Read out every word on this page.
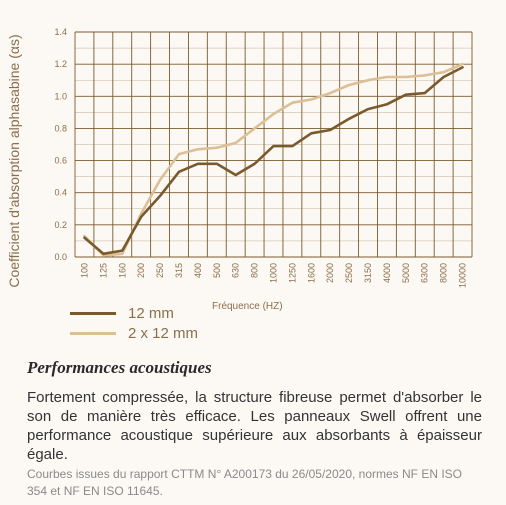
0.0
0.2
0.4
0.6
0.8
1.0
1.2
1.4
100 125 160 200 250 315 400 500 630 800 1000 1250 1600 2000 2500 3150 4000 5000 6300 8000 10000
Coefficient d'absorption alphasabine (αs)
Fréquence (HZ)
12 mm
2 x 12 mm

Performances acoustiques

Fortement compressée, la structure fibreuse permet d'absorber le son de manière très efficace. Les panneaux Swell offrent une performance acoustique supérieure aux absorbants à épaisseur égale.

Courbes issues du rapport CTTM N° A200173 du 26/05/2020, normes NF EN ISO 354 et NF EN ISO 11645.
